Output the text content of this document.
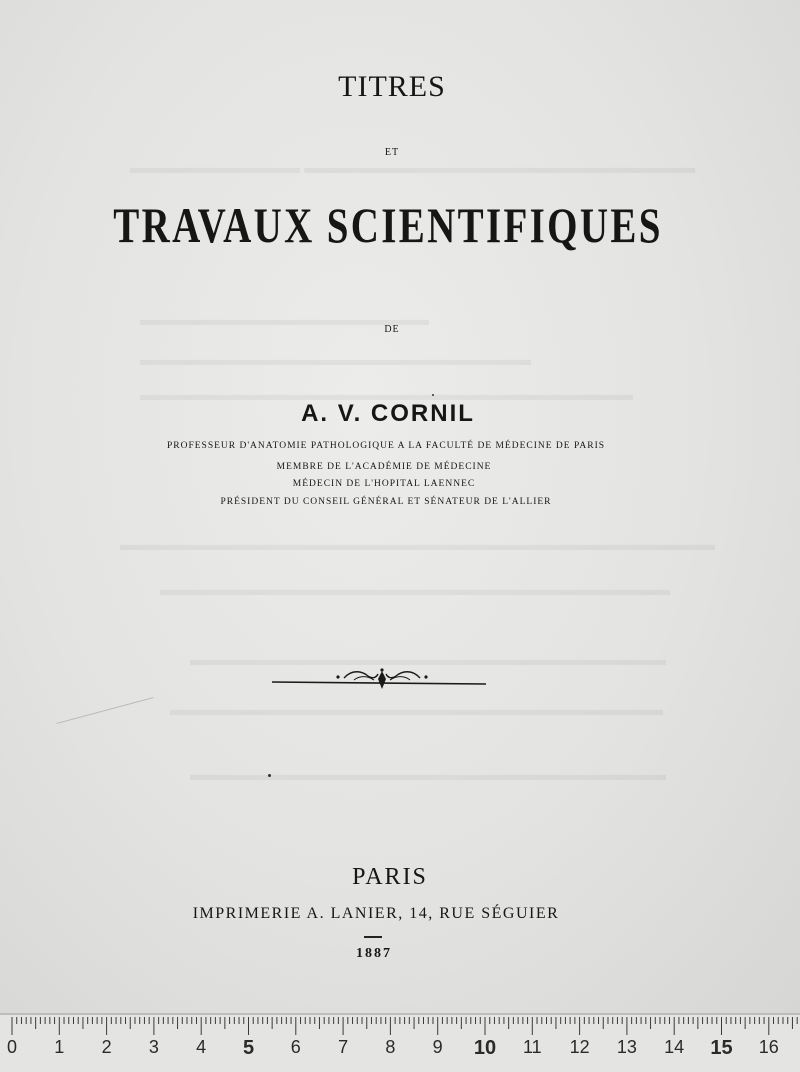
TITRES
ET
TRAVAUX SCIENTIFIQUES
DE
A. V. CORNIL
PROFESSEUR D'ANATOMIE PATHOLOGIQUE A LA FACULTÉ DE MÉDECINE DE PARIS
MEMBRE DE L'ACADÉMIE DE MÉDECINE
MÉDECIN DE L'HOPITAL LAENNEC
PRÉSIDENT DU CONSEIL GÉNÉRAL ET SÉNATEUR DE L'ALLIER
PARIS
IMPRIMERIE A. LANIER, 14, RUE SÉGUIER
1887
0 1 2 3 4 5 6 7 8 9 10 11 12 13 14 15 16
